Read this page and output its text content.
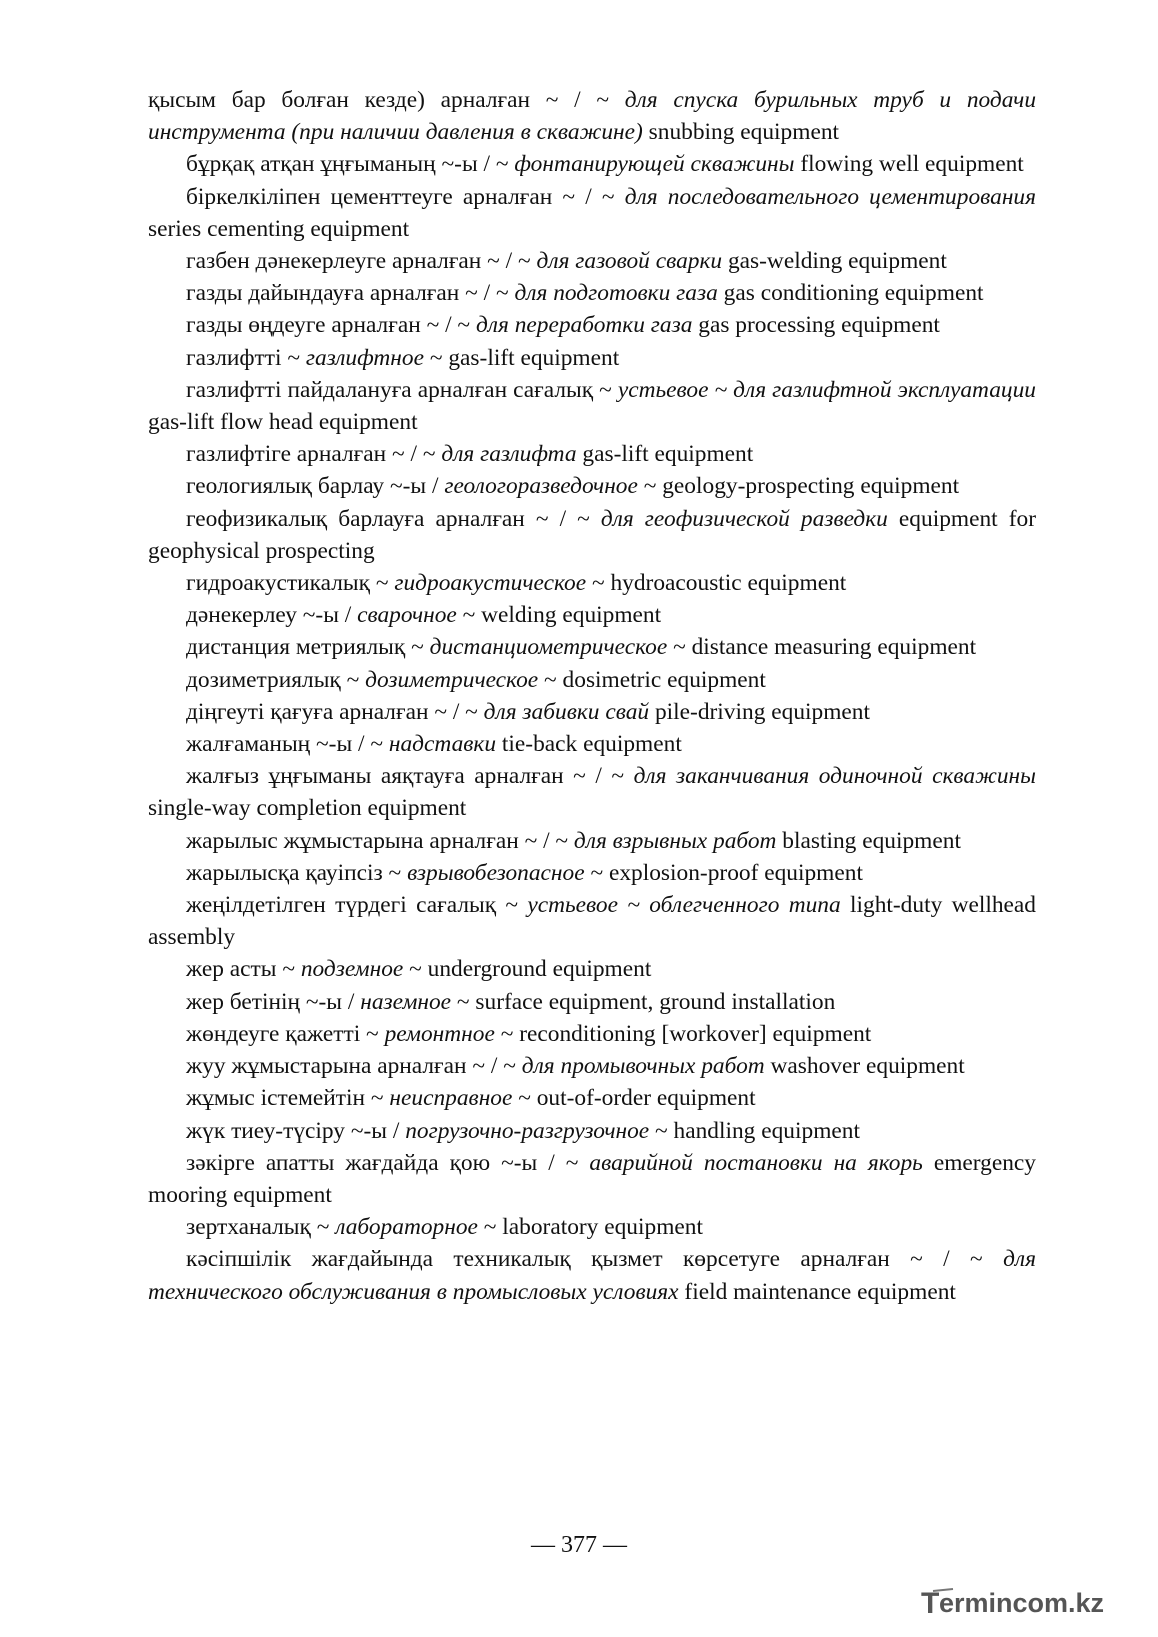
қысым бар болған кезде) арналған ~ / ~ для спуска бурильных труб и подачи инструмента (при наличии давления в скважине) snubbing equipment

бұрқақ атқан ұңғыманың ~-ы / ~ фонтанирующей скважины flowing well equipment

біркелкіліпен цементтеуге арналған ~ / ~ для последовательного цементирования series cementing equipment

газбен дәнекерлеуге арналған ~ / ~ для газовой сварки gas-welding equipment

газды дайындауға арналған ~ / ~ для подготовки газа gas conditioning equipment

газды өңдеуге арналған ~ / ~ для переработки газа gas processing equipment

газлифтті ~ газлифтное ~ gas-lift equipment

газлифтті пайдалануға арналған сағалық ~ устьевое ~ для газлифтной эксплуатации gas-lift flow head equipment

газлифтіге арналған ~ / ~ для газлифта gas-lift equipment

геологиялық барлау ~-ы / геологоразведочное ~ geology-prospecting equipment

геофизикалық барлауға арналған ~ / ~ для геофизической разведки equipment for geophysical prospecting

гидроакустикалық ~ гидроакустическое ~ hydroacoustic equipment

дәнекерлеу ~-ы / сварочное ~ welding equipment

дистанция метриялық ~ дистанциометрическое ~ distance measuring equipment

дозиметриялық ~ дозиметрическое ~ dosimetric equipment

діңгеуті қағуға арналған ~ / ~ для забивки свай pile-driving equipment

жалғаманың ~-ы / ~ надставки tie-back equipment

жалғыз ұңғыманы аяқтауға арналған ~ / ~ для заканчивания одиночной скважины single-way completion equipment

жарылыс жұмыстарына арналған ~ / ~ для взрывных работ blasting equipment

жарылысқа қауіпсіз ~ взрывобезопасное ~ explosion-proof equipment

жеңілдетілген түрдегі сағалық ~ устьевое ~ облегченного типа light-duty wellhead assembly

жер асты ~ подземное ~ underground equipment

жер бетінің ~-ы / наземное ~ surface equipment, ground installation

жөндеуге қажетті ~ ремонтное ~ reconditioning [workover] equipment

жуу жұмыстарына арналған ~ / ~ для промывочных работ washover equipment

жұмыс істемейтін ~ неисправное ~ out-of-order equipment

жүк тиеу-түсіру ~-ы / погрузочно-разгрузочное ~ handling equipment

зәкірге апатты жағдайда қою ~-ы / ~ аварийной постановки на якорь emergency mooring equipment

зертханалық ~ лабораторное ~ laboratory equipment

кәсіпшілік жағдайында техникалық қызмет көрсетуге арналған ~ / ~ для технического обслуживания в промысловых условиях field maintenance equipment

— 377 —
T ermincom.kz
